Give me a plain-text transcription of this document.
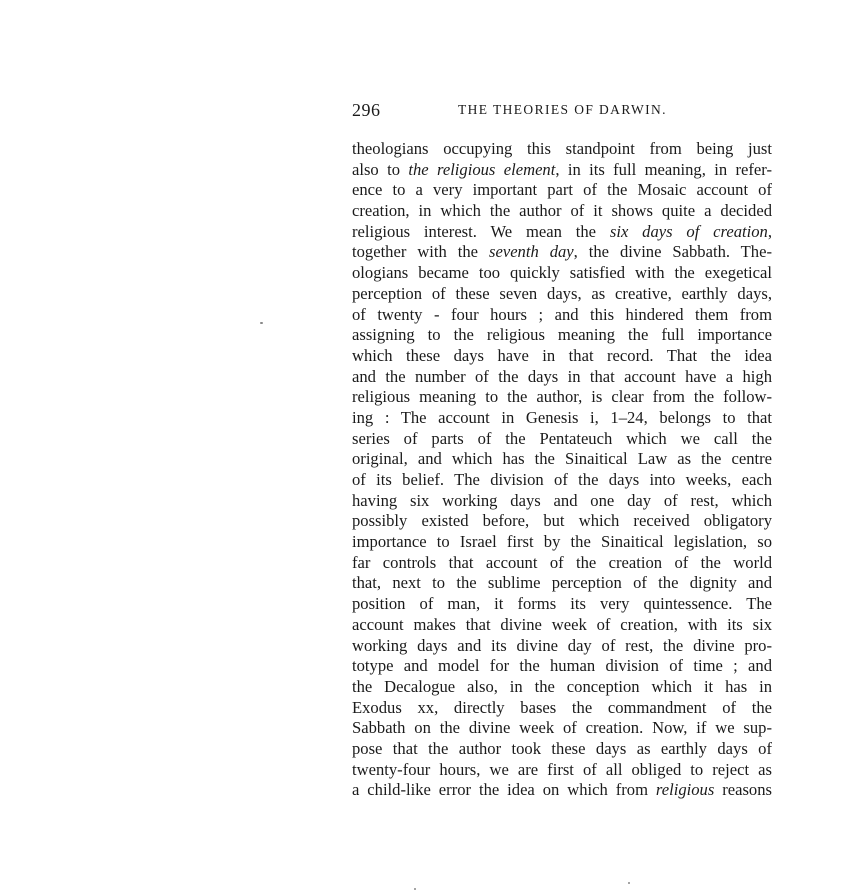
296	THE THEORIES OF DARWIN.
theologians occupying this standpoint from being just
also to the religious element, in its full meaning, in refer-
ence to a very important part of the Mosaic account of
creation, in which the author of it shows quite a decided
religious interest. We mean the six days of creation,
together with the seventh day, the divine Sabbath. The-
ologians became too quickly satisfied with the exegetical
perception of these seven days, as creative, earthly days,
of twenty - four hours ; and this hindered them from
assigning to the religious meaning the full importance
which these days have in that record. That the idea
and the number of the days in that account have a high
religious meaning to the author, is clear from the follow-
ing : The account in Genesis i, 1–24, belongs to that
series of parts of the Pentateuch which we call the
original, and which has the Sinaitical Law as the centre
of its belief. The division of the days into weeks, each
having six working days and one day of rest, which
possibly existed before, but which received obligatory
importance to Israel first by the Sinaitical legislation, so
far controls that account of the creation of the world
that, next to the sublime perception of the dignity and
position of man, it forms its very quintessence. The
account makes that divine week of creation, with its six
working days and its divine day of rest, the divine pro-
totype and model for the human division of time ; and
the Decalogue also, in the conception which it has in
Exodus xx, directly bases the commandment of the
Sabbath on the divine week of creation. Now, if we sup-
pose that the author took these days as earthly days of
twenty-four hours, we are first of all obliged to reject as
a child-like error the idea on which from religious reasons
